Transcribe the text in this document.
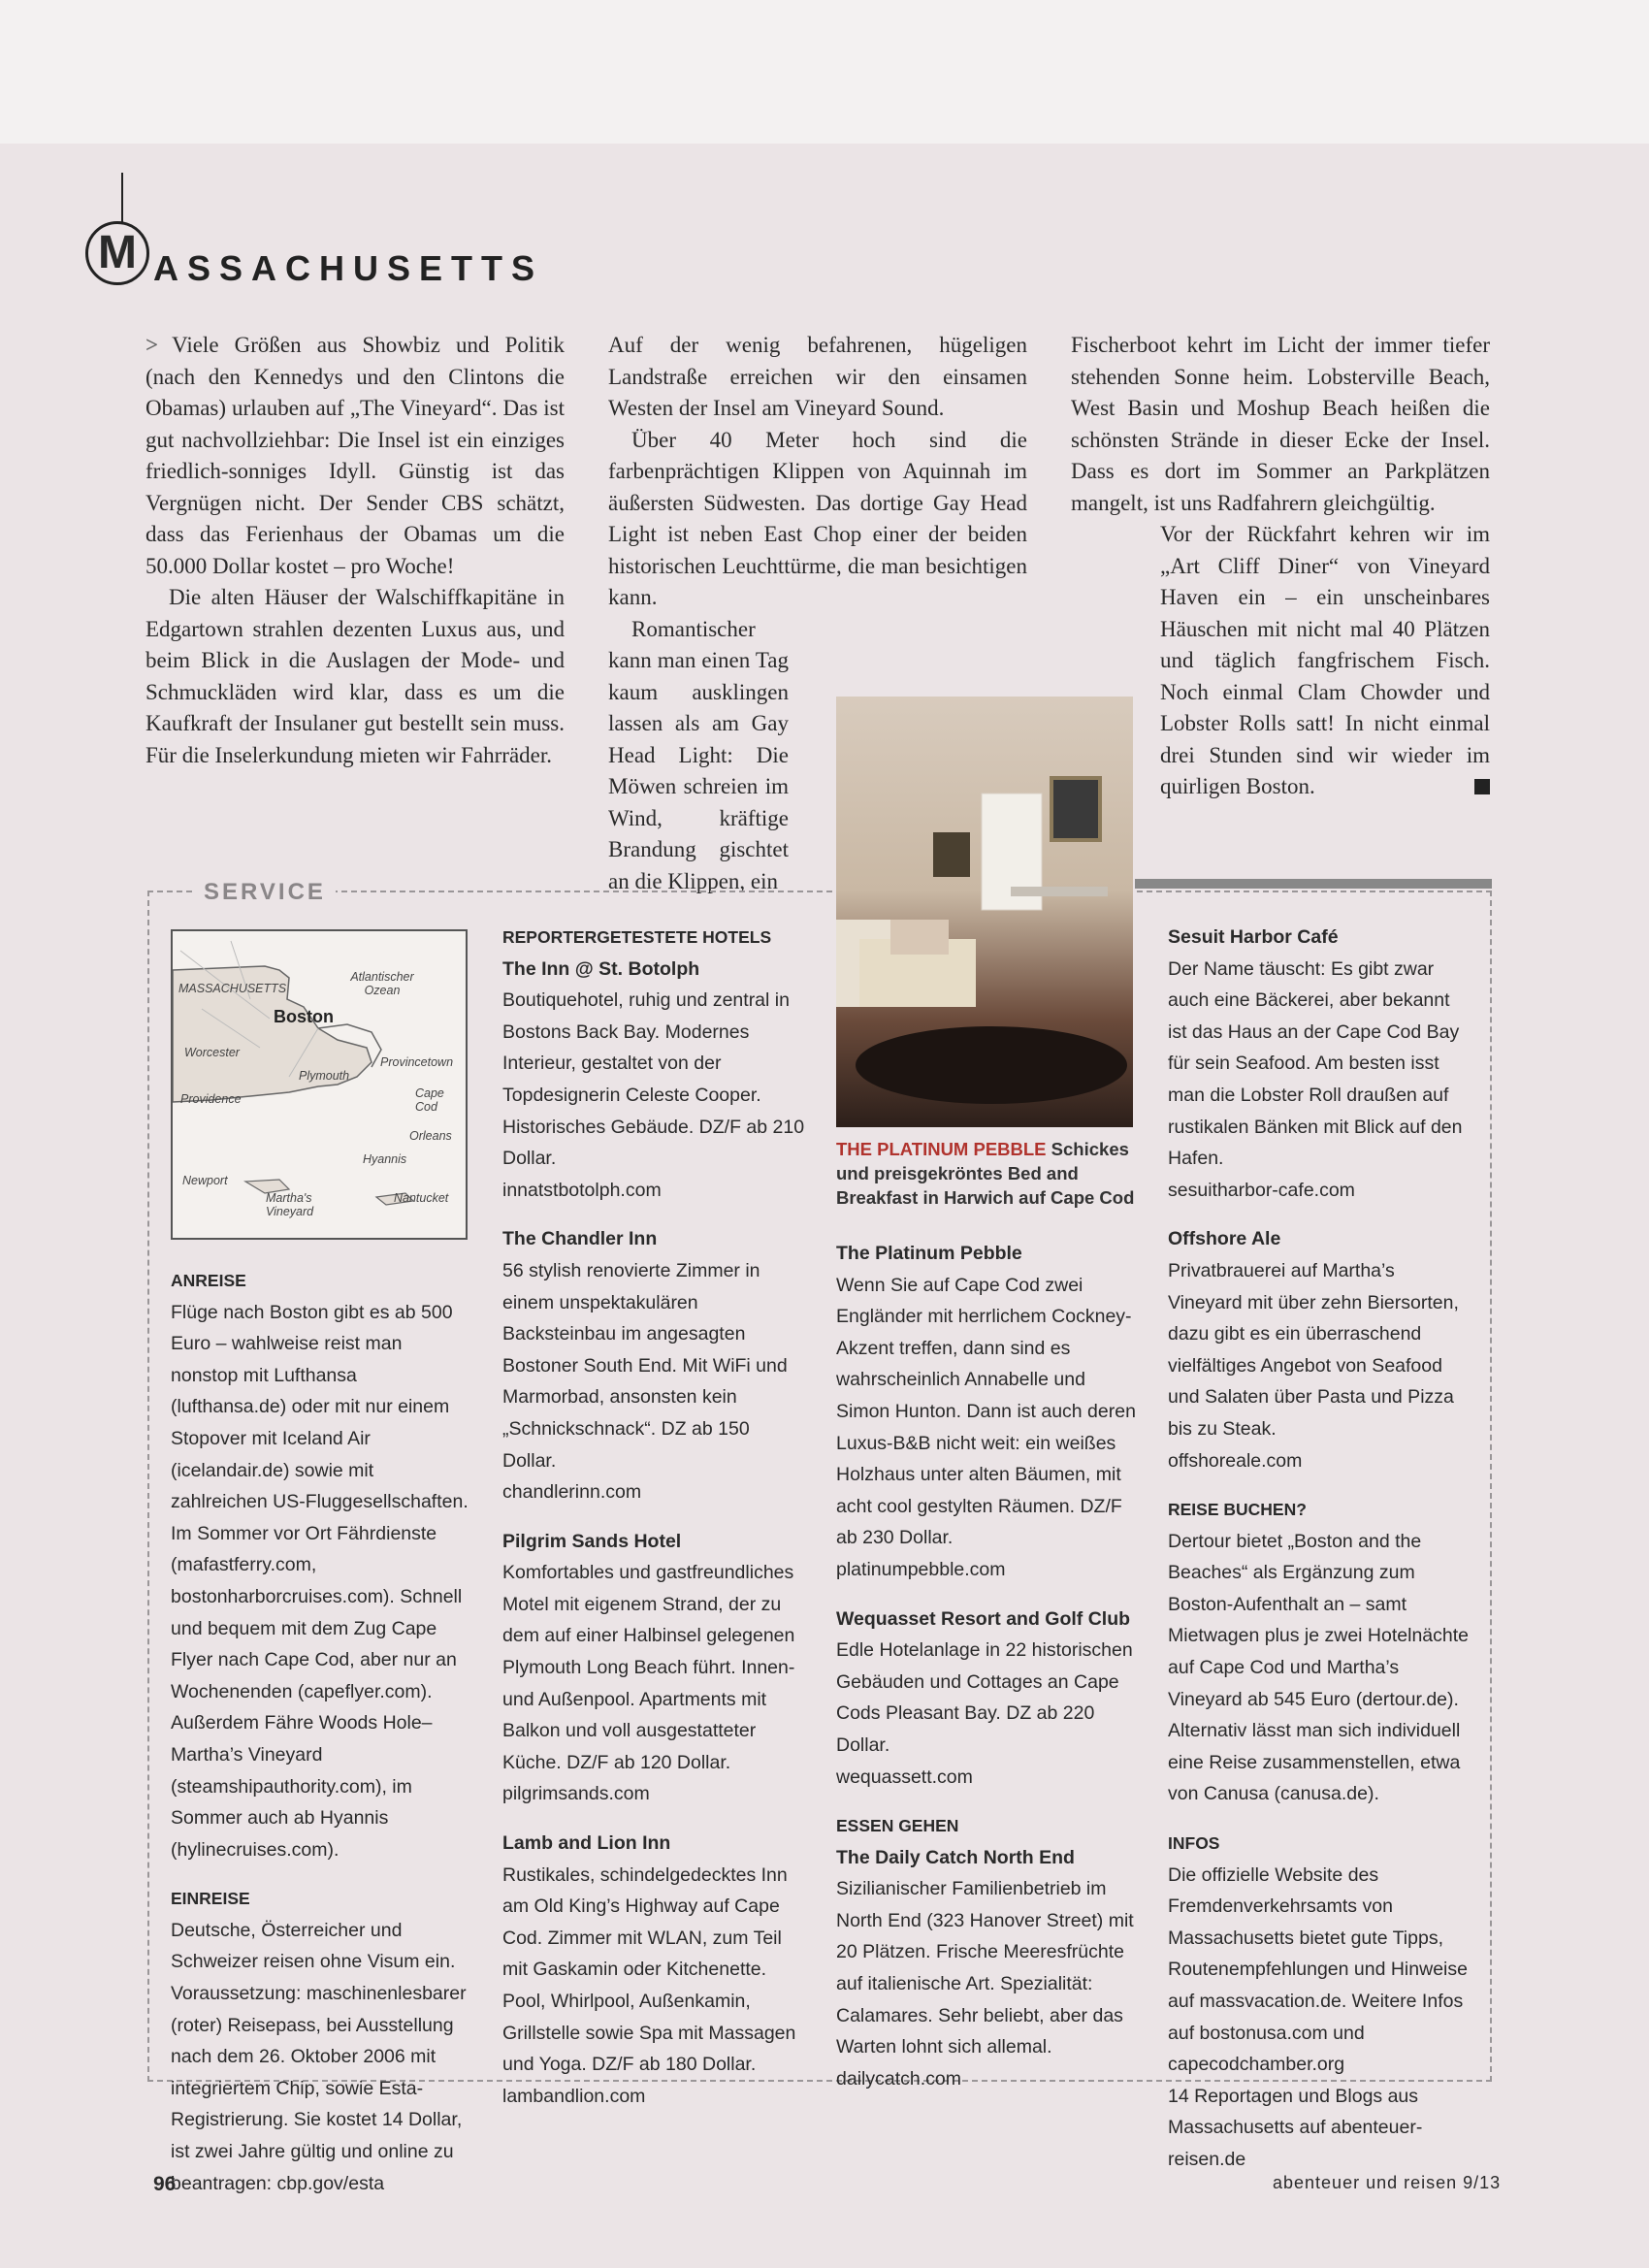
M ASSACHUSETTS

> Viele Größen aus Showbiz und Politik (nach den Kennedys und den Clintons die Obamas) urlauben auf „The Vineyard“. Das ist gut nachvollziehbar: Die Insel ist ein einziges friedlich-sonniges Idyll. Günstig ist das Vergnügen nicht. Der Sender CBS schätzt, dass das Ferienhaus der Obamas um die 50.000 Dollar kostet – pro Woche!

Die alten Häuser der Walschiffkapitäne in Edgartown strahlen dezenten Luxus aus, und beim Blick in die Auslagen der Mode- und Schmuckläden wird klar, dass es um die Kaufkraft der Insulaner gut bestellt sein muss. Für die Inselerkundung mieten wir Fahrräder.

Auf der wenig befahrenen, hügeligen Landstraße erreichen wir den einsamen Westen der Insel am Vineyard Sound.

Über 40 Meter hoch sind die farbenprächtigen Klippen von Aquinnah im äußersten Südwesten. Das dortige Gay Head Light ist neben East Chop einer der beiden historischen Leuchttürme, die man besichtigen kann.

Romantischer kann man einen Tag kaum ausklingen lassen als am Gay Head Light: Die Möwen schreien im Wind, kräftige Brandung gischtet an die Klippen, ein

Fischerboot kehrt im Licht der immer tiefer stehenden Sonne heim. Lobsterville Beach, West Basin und Moshup Beach heißen die schönsten Strände in dieser Ecke der Insel. Dass es dort im Sommer an Parkplätzen mangelt, ist uns Radfahrern gleichgültig.

Vor der Rückfahrt kehren wir im „Art Cliff Diner“ von Vineyard Haven ein – ein unscheinbares Häuschen mit nicht mal 40 Plätzen und täglich fangfrischem Fisch. Noch einmal Clam Chowder und Lobster Rolls satt! In nicht einmal drei Stunden sind wir wieder im quirligen Boston.

SERVICE
MASSACHUSETTS
Atlantischer Ozean
Boston
Worcester
Plymouth
Provincetown
Providence	Cape Cod
Orleans
Hyannis
Newport
Martha's Vineyard
Nantucket
THE PLATINUM PEBBLE Schickes und preisgekröntes Bed and Breakfast in Harwich auf Cape Cod
ANREISE
Flüge nach Boston gibt es ab 500 Euro – wahlweise reist man nonstop mit Lufthansa (lufthansa.de) oder mit nur einem Stopover mit Iceland Air (icelandair.de) sowie mit zahlreichen US-Fluggesellschaften. Im Sommer vor Ort Fährdienste (mafastferry.com, bostonharborcruises.com). Schnell und bequem mit dem Zug Cape Flyer nach Cape Cod, aber nur an Wochenenden (capeflyer.com). Außerdem Fähre Woods Hole–Martha’s Vineyard (steamshipauthority.com), im Sommer auch ab Hyannis (hylinecruises.com).
EINREISE
Deutsche, Österreicher und Schweizer reisen ohne Visum ein. Voraussetzung: maschinenlesbarer (roter) Reisepass, bei Ausstellung nach dem 26. Oktober 2006 mit integriertem Chip, sowie Esta-Registrierung. Sie kostet 14 Dollar, ist zwei Jahre gültig und online zu beantragen: cbp.gov/esta
REPORTERGETESTETE HOTELS
The Inn @ St. Botolph
Boutiquehotel, ruhig und zentral in Bostons Back Bay. Modernes Interieur, gestaltet von der Topdesignerin Celeste Cooper. Historisches Gebäude. DZ/F ab 210 Dollar.
innatstbotolph.com
The Chandler Inn
56 stylish renovierte Zimmer in einem unspektakulären Backsteinbau im angesagten Bostoner South End. Mit WiFi und Marmorbad, ansonsten kein „Schnickschnack“. DZ ab 150 Dollar.
chandlerinn.com
Pilgrim Sands Hotel
Komfortables und gastfreundliches Motel mit eigenem Strand, der zu dem auf einer Halbinsel gelegenen Plymouth Long Beach führt. Innen- und Außenpool. Apartments mit Balkon und voll ausgestatteter Küche. DZ/F ab 120 Dollar.
pilgrimsands.com
Lamb and Lion Inn
Rustikales, schindelgedecktes Inn am Old King’s Highway auf Cape Cod. Zimmer mit WLAN, zum Teil mit Gaskamin oder Kitchenette. Pool, Whirlpool, Außenkamin, Grillstelle sowie Spa mit Massagen und Yoga. DZ/F ab 180 Dollar.
lambandlion.com
The Platinum Pebble
Wenn Sie auf Cape Cod zwei Engländer mit herrlichem Cockney-Akzent treffen, dann sind es wahrscheinlich Annabelle und Simon Hunton. Dann ist auch deren Luxus-B&B nicht weit: ein weißes Holzhaus unter alten Bäumen, mit acht cool gestylten Räumen. DZ/F ab 230 Dollar.
platinumpebble.com
Wequasset Resort and Golf Club
Edle Hotelanlage in 22 historischen Gebäuden und Cottages an Cape Cods Pleasant Bay. DZ ab 220 Dollar.
wequassett.com
ESSEN GEHEN
The Daily Catch North End
Sizilianischer Familienbetrieb im North End (323 Hanover Street) mit 20 Plätzen. Frische Meeresfrüchte auf italienische Art. Spezialität: Calamares. Sehr beliebt, aber das Warten lohnt sich allemal.
dailycatch.com
Sesuit Harbor Café
Der Name täuscht: Es gibt zwar auch eine Bäckerei, aber bekannt ist das Haus an der Cape Cod Bay für sein Seafood. Am besten isst man die Lobster Roll draußen auf rustikalen Bänken mit Blick auf den Hafen.
sesuitharbor-cafe.com
Offshore Ale
Privatbrauerei auf Martha’s Vineyard mit über zehn Biersorten, dazu gibt es ein überraschend vielfältiges Angebot von Seafood und Salaten über Pasta und Pizza bis zu Steak.
offshoreale.com
REISE BUCHEN?
Dertour bietet „Boston and the Beaches“ als Ergänzung zum Boston-Aufenthalt an – samt Mietwagen plus je zwei Hotelnächte auf Cape Cod und Martha’s Vineyard ab 545 Euro (dertour.de). Alternativ lässt man sich individuell eine Reise zusammenstellen, etwa von Canusa (canusa.de).
INFOS
Die offizielle Website des Fremdenverkehrsamts von Massachusetts bietet gute Tipps, Routenempfehlungen und Hinweise auf massvacation.de. Weitere Infos auf bostonusa.com und capecodchamber.org
14 Reportagen und Blogs aus Massachusetts auf abenteuer-reisen.de
96	abenteuer und reisen 9/13
